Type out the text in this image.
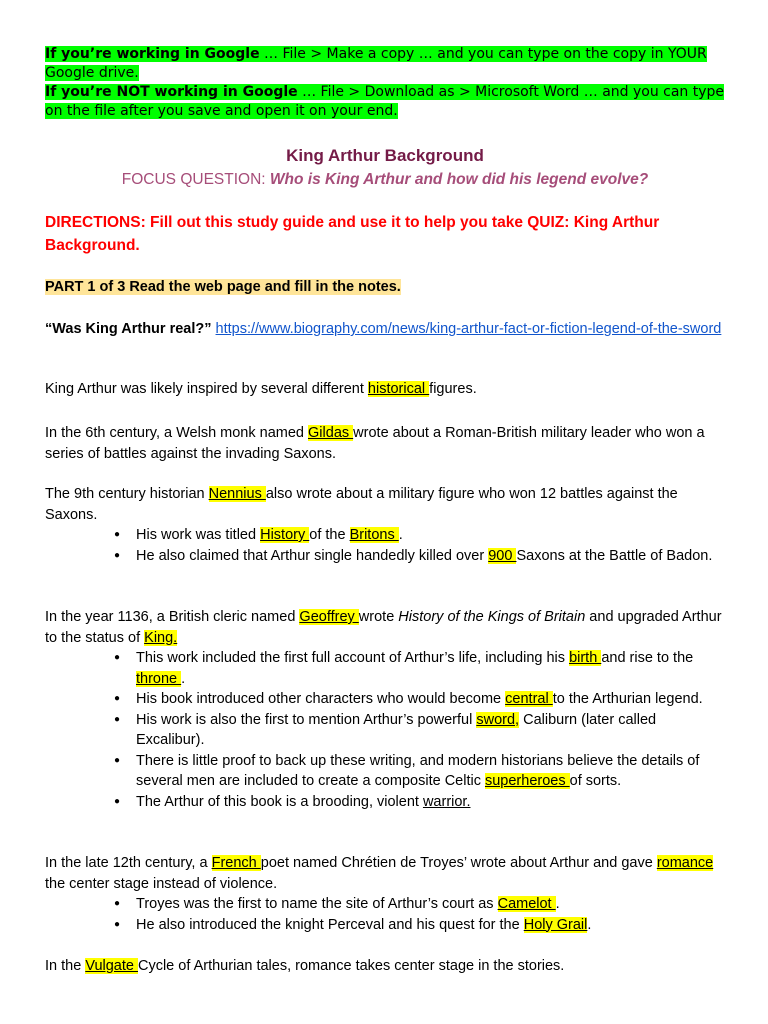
If you’re working in Google … File > Make a copy … and you can type on the copy in YOUR Google drive.
If you’re NOT working in Google … File > Download as > Microsoft Word … and you can type on the file after you save and open it on your end.
King Arthur Background
FOCUS QUESTION: Who is King Arthur and how did his legend evolve?
DIRECTIONS: Fill out this study guide and use it to help you take QUIZ: King Arthur Background.
PART 1 of 3 Read the web page and fill in the notes.
“Was King Arthur real?” https://www.biography.com/news/king-arthur-fact-or-fiction-legend-of-the-sword
King Arthur was likely inspired by several different historical figures.
In the 6th century, a Welsh monk named Gildas wrote about a Roman-British military leader who won a series of battles against the invading Saxons.
The 9th century historian Nennius also wrote about a military figure who won 12 battles against the Saxons.
● His work was titled History of the Britons .
● He also claimed that Arthur single handedly killed over 900 Saxons at the Battle of Badon.
In the year 1136, a British cleric named Geoffrey wrote History of the Kings of Britain and upgraded Arthur to the status of King.
● This work included the first full account of Arthur’s life, including his birth and rise to the throne .
● His book introduced other characters who would become central to the Arthurian legend.
● His work is also the first to mention Arthur’s powerful sword, Caliburn (later called Excalibur).
● There is little proof to back up these writing, and modern historians believe the details of several men are included to create a composite Celtic superheroes of sorts.
● The Arthur of this book is a brooding, violent warrior.
In the late 12th century, a French poet named Chrétien de Troyes’ wrote about Arthur and gave romance the center stage instead of violence.
● Troyes was the first to name the site of Arthur’s court as Camelot .
● He also introduced the knight Perceval and his quest for the Holy Grail.
In the Vulgate Cycle of Arthurian tales, romance takes center stage in the stories.
